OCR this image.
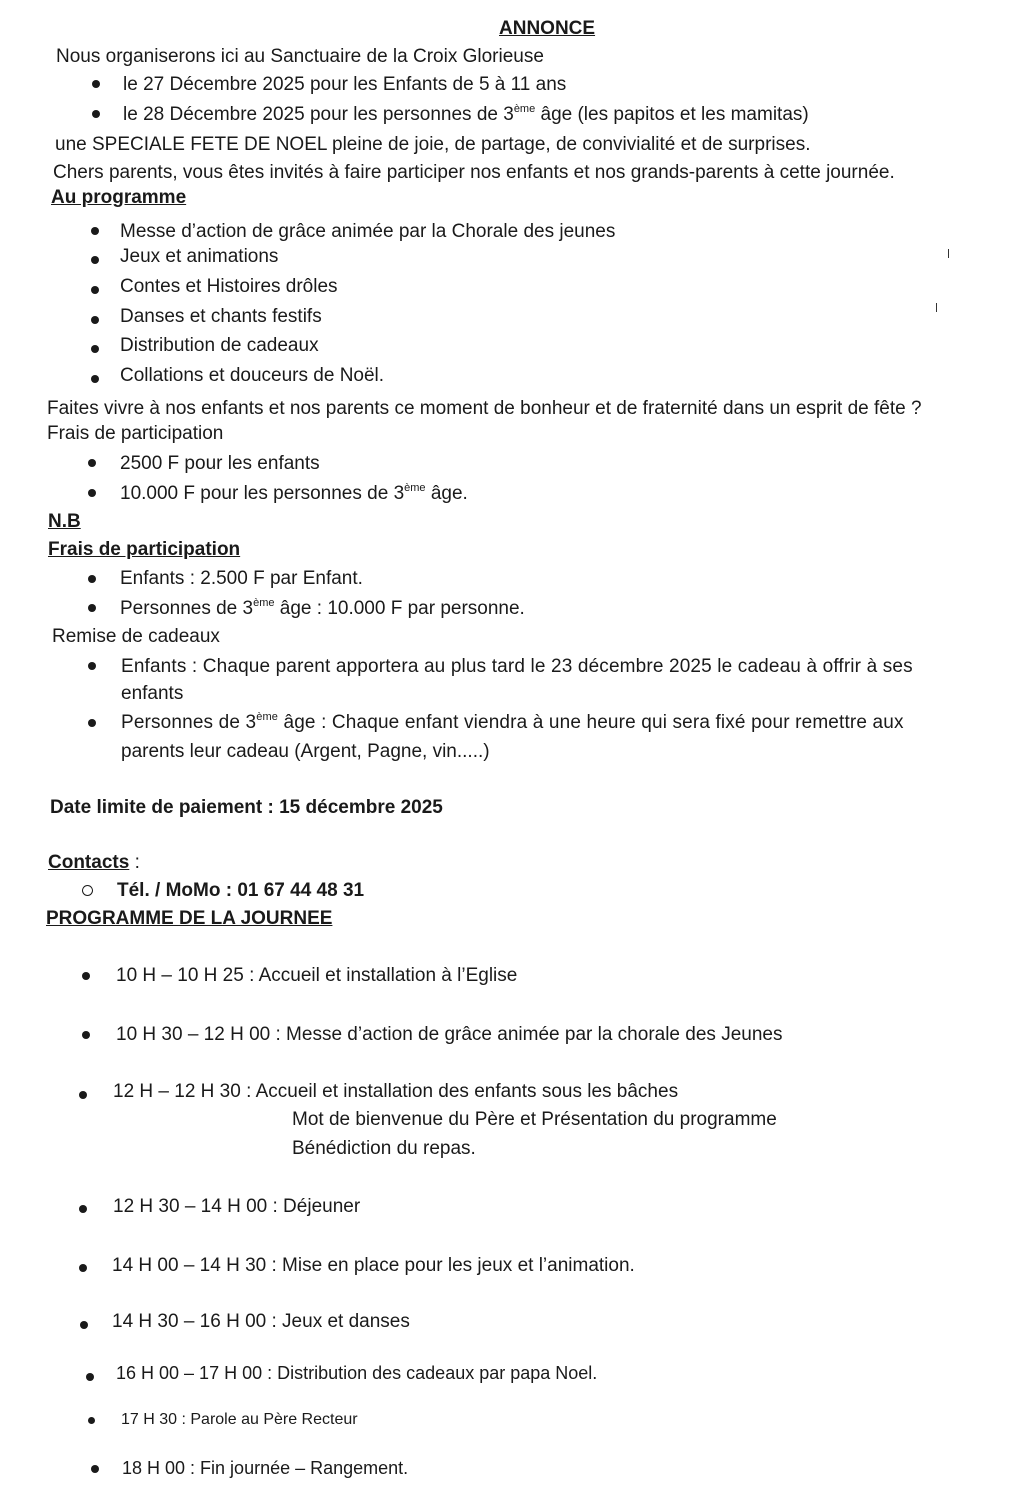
ANNONCE
Nous organiserons ici au Sanctuaire de la Croix Glorieuse
le 27 Décembre 2025 pour les Enfants de 5 à 11 ans
le 28 Décembre 2025 pour les personnes de 3ème âge (les papitos et les mamitas)
une SPECIALE FETE DE NOEL pleine de joie, de partage, de convivialité et de surprises.
Chers parents, vous êtes invités à faire participer nos enfants et nos grands-parents à cette journée.
Au programme
Messe d’action de grâce animée par la Chorale des jeunes
Jeux et animations
Contes et Histoires drôles
Danses et chants festifs
Distribution de cadeaux
Collations et douceurs de Noël.
Faites vivre à nos enfants et nos parents ce moment de bonheur et de fraternité dans un esprit de fête ?
Frais de participation
2500 F pour les enfants
10.000 F pour les personnes de 3ème âge.
N.B
Frais de participation
Enfants : 2.500 F par Enfant.
Personnes de 3ème âge : 10.000 F par personne.
Remise de cadeaux
Enfants : Chaque parent apportera au plus tard le 23 décembre 2025 le cadeau à offrir à ses
enfants
Personnes de 3ème âge : Chaque enfant viendra à une heure qui sera fixé pour remettre aux
parents leur cadeau (Argent, Pagne, vin.....)
Date limite de paiement : 15 décembre 2025
Contacts :
Tél. / MoMo : 01 67 44 48 31
PROGRAMME DE LA JOURNEE
10 H – 10 H 25 : Accueil et installation à l’Eglise
10 H 30 – 12 H 00 : Messe d’action de grâce animée par la chorale des Jeunes
12 H – 12 H 30 : Accueil et installation des enfants sous les bâches
Mot de bienvenue du Père et Présentation du programme
Bénédiction du repas.
12 H 30 – 14 H 00 : Déjeuner
14 H 00 – 14 H 30 : Mise en place pour les jeux et l’animation.
14 H 30 – 16 H 00 : Jeux et danses
16 H 00 – 17 H 00 : Distribution des cadeaux par papa Noel.
17 H 30 : Parole au Père Recteur
18 H 00 : Fin journée – Rangement.
